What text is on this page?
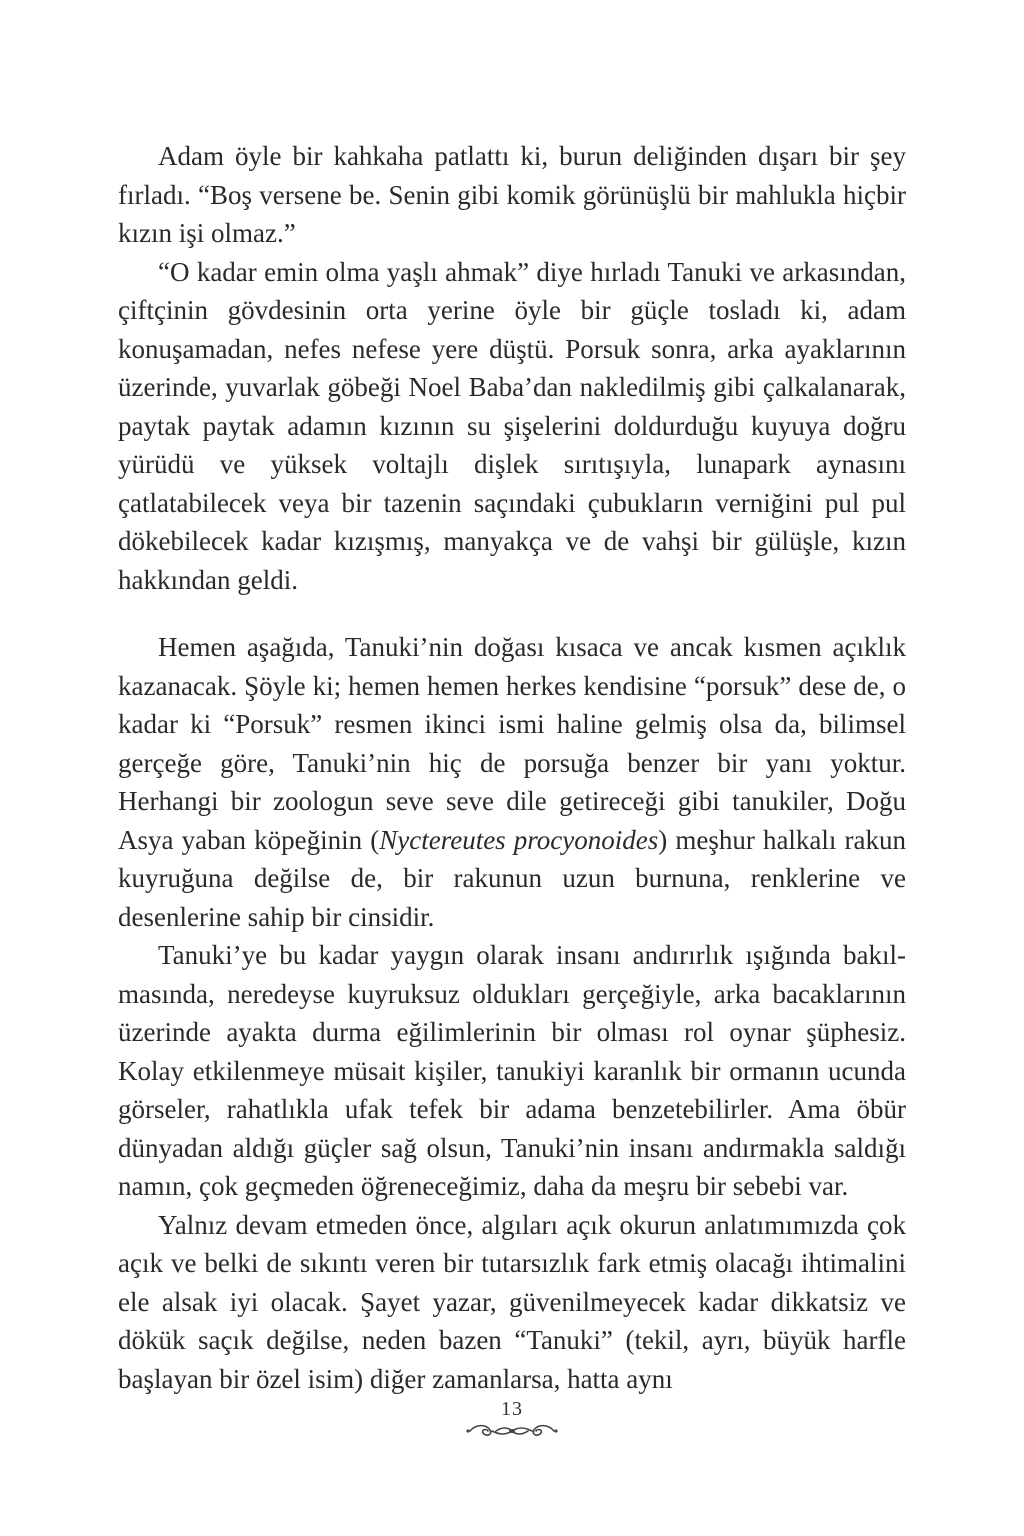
Adam öyle bir kahkaha patlattı ki, burun deliğinden dışarı bir şey fırladı. “Boş versene be. Senin gibi komik görünüşlü bir mahlukla hiçbir kızın işi olmaz.”

“O kadar emin olma yaşlı ahmak” diye hırladı Tanuki ve arkasından, çiftçinin gövdesinin orta yerine öyle bir güçle tosladı ki, adam konuşamadan, nefes nefese yere düştü. Porsuk sonra, arka ayaklarının üzerinde, yuvarlak göbeği Noel Baba’dan nakledilmiş gibi çalkalanarak, paytak paytak adamın kızının su şişelerini doldurduğu kuyuya doğru yürüdü ve yüksek voltajlı dişlek sırıtışıyla, lunapark aynasını çatlatabilecek veya bir tazenin saçındaki çubukların verniğini pul pul dökebilecek kadar kızışmış, manyakça ve de vahşi bir gülüşle, kızın hakkından geldi.

Hemen aşağıda, Tanuki’nin doğası kısaca ve ancak kısmen açıklık kazanacak. Şöyle ki; hemen hemen herkes kendisine “porsuk” dese de, o kadar ki “Porsuk” resmen ikinci ismi haline gelmiş olsa da, bilimsel gerçeğe göre, Tanuki’nin hiç de porsuğa benzer bir yanı yoktur. Herhangi bir zoologun seve seve dile getireceği gibi tanukiler, Doğu Asya yaban köpeğinin (Nyctereutes procyonoides) meşhur halkalı rakun kuyruğuna değilse de, bir rakunun uzun burnuna, renklerine ve desenlerine sahip bir cinsidir.

Tanuki’ye bu kadar yaygın olarak insanı andırırlık ışığında bakılmasında, neredeyse kuyruksuz oldukları gerçeğiyle, arka bacaklarının üzerinde ayakta durma eğilimlerinin bir olması rol oynar şüphesiz. Kolay etkilenmeye müsait kişiler, tanukiyi karanlık bir ormanın ucunda görseler, rahatlıkla ufak tefek bir adama benzetebilirler. Ama öbür dünyadan aldığı güçler sağ olsun, Tanuki’nin insanı andırmakla saldığı namın, çok geçmeden öğreneceğimiz, daha da meşru bir sebebi var.

Yalnız devam etmeden önce, algıları açık okurun anlatımımızda çok açık ve belki de sıkıntı veren bir tutarsızlık fark etmiş olacağı ihtimalini ele alsak iyi olacak. Şayet yazar, güvenilmeyecek kadar dikkatsiz ve dökük saçık değilse, neden bazen “Tanuki” (tekil, ayrı, büyük harfle başlayan bir özel isim) diğer zamanlarsa, hatta aynı

13
